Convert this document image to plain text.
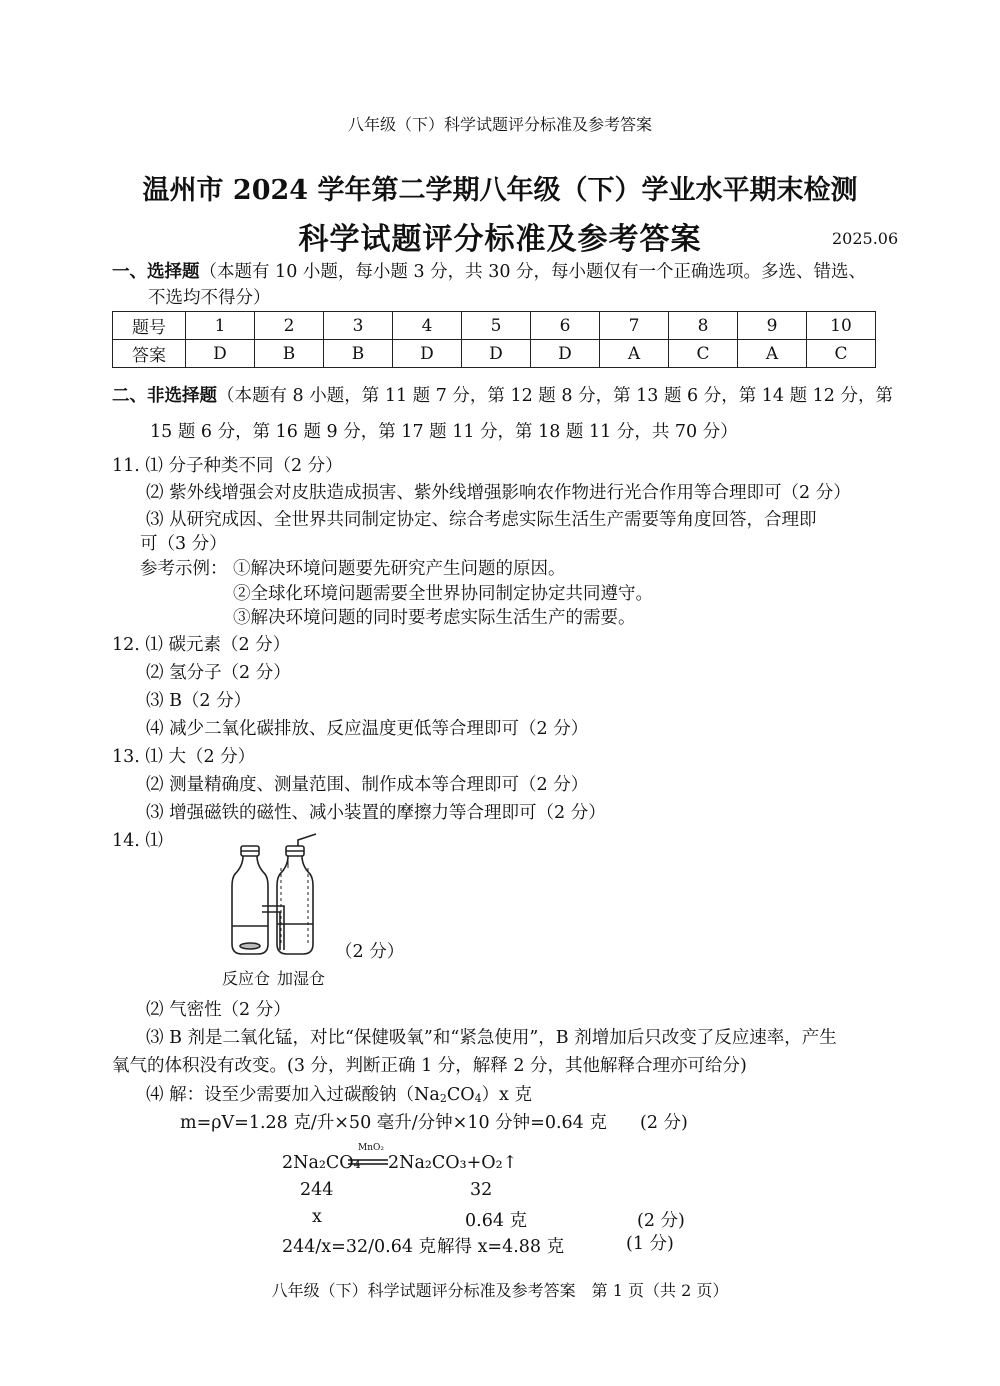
八年级（下）科学试题评分标准及参考答案
温州市 2024 学年第二学期八年级（下）学业水平期末检测
科学试题评分标准及参考答案	2025.06
一、选择题（本题有 10 小题，每小题 3 分，共 30 分，每小题仅有一个正确选项。多选、错选、
不选均不得分）
题号	1	2	3	4	5	6	7	8	9	10
答案	D	B	B	D	D	D	A	C	A	C
二、非选择题（本题有 8 小题，第 11 题 7 分，第 12 题 8 分，第 13 题 6 分，第 14 题 12 分，第
15 题 6 分，第 16 题 9 分，第 17 题 11 分，第 18 题 11 分，共 70 分）
11. ⑴ 分子种类不同（2 分）
⑵ 紫外线增强会对皮肤造成损害、紫外线增强影响农作物进行光合作用等合理即可（2 分）
⑶ 从研究成因、全世界共同制定协定、综合考虑实际生活生产需要等角度回答，合理即
可（3 分）
参考示例： ①解决环境问题要先研究产生问题的原因。
②全球化环境问题需要全世界协同制定协定共同遵守。
③解决环境问题的同时要考虑实际生活生产的需要。
12. ⑴ 碳元素（2 分）
⑵ 氢分子（2 分）
⑶ B（2 分）
⑷ 减少二氧化碳排放、反应温度更低等合理即可（2 分）
13. ⑴ 大（2 分）
⑵ 测量精确度、测量范围、制作成本等合理即可（2 分）
⑶ 增强磁铁的磁性、减小装置的摩擦力等合理即可（2 分）
14. ⑴
（2 分）
反应仓 加湿仓
⑵ 气密性（2 分）
⑶ B 剂是二氧化锰，对比“保健吸氧”和“紧急使用”，B 剂增加后只改变了反应速率，产生
氧气的体积没有改变。(3 分，判断正确 1 分，解释 2 分，其他解释合理亦可给分)
⑷ 解：设至少需要加入过碳酸钠$(Na_2CO_4)x$ 克
m=ρV=1.28 克/升×50 毫升/分钟×10 分钟=0.64 克 (2 分)
MnO₂
2Na₂CO₄ 2Na₂CO₃+O₂↑
244	32
x	0.64 克	(2 分)
244/x=32/0.64 克 解得 x=4.88 克	(1 分)
八年级（下）科学试题评分标准及参考答案　第 1 页（共 2 页）
